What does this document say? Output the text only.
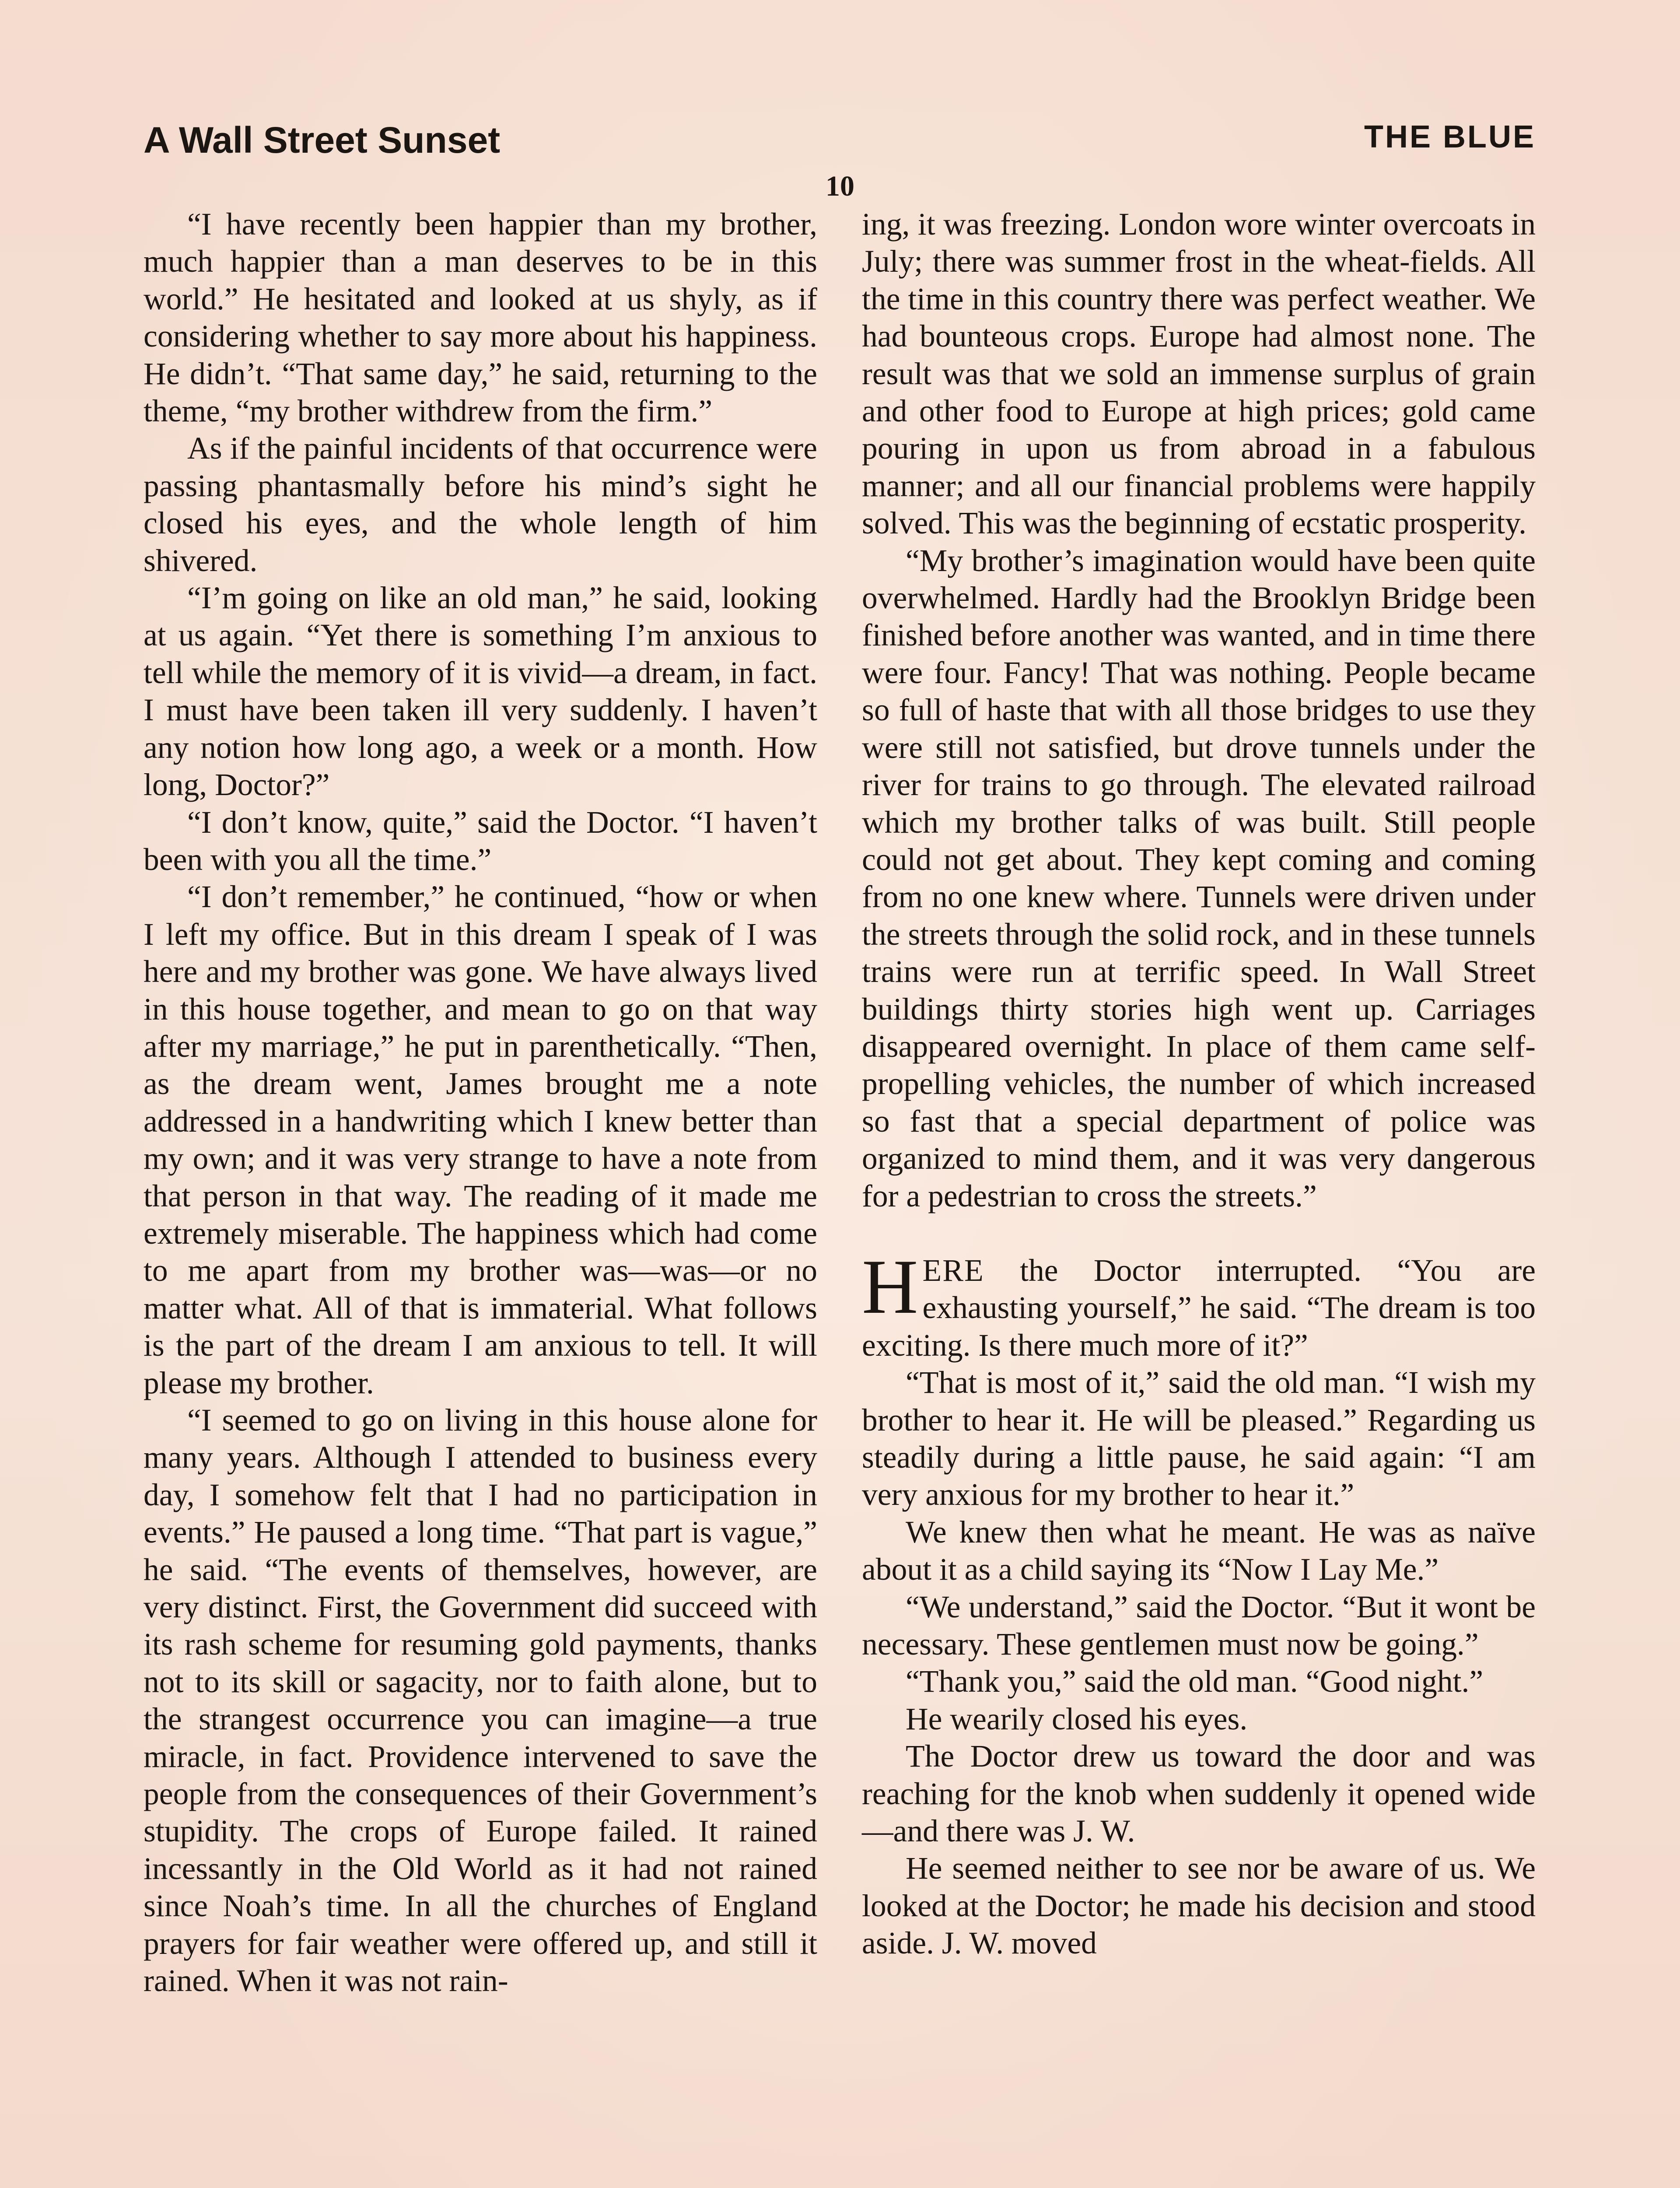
A Wall Street Sunset	THE BLUE
10

“I have recently been happier than my brother, much happier than a man deserves to be in this world.” He hesitated and looked at us shyly, as if considering whether to say more about his happiness. He didn’t. “That same day,” he said, returning to the theme, “my brother withdrew from the firm.”

As if the painful incidents of that occurrence were passing phantasmally before his mind’s sight he closed his eyes, and the whole length of him shivered.

“I’m going on like an old man,” he said, looking at us again. “Yet there is something I’m anxious to tell while the memory of it is vivid—a dream, in fact. I must have been taken ill very suddenly. I haven’t any notion how long ago, a week or a month. How long, Doctor?”

“I don’t know, quite,” said the Doctor. “I haven’t been with you all the time.”

“I don’t remember,” he continued, “how or when I left my office. But in this dream I speak of I was here and my brother was gone. We have always lived in this house together, and mean to go on that way after my marriage,” he put in parenthetically. “Then, as the dream went, James brought me a note addressed in a handwriting which I knew better than my own; and it was very strange to have a note from that person in that way. The reading of it made me extremely miserable. The happiness which had come to me apart from my brother was—was—or no matter what. All of that is immaterial. What follows is the part of the dream I am anxious to tell. It will please my brother.

“I seemed to go on living in this house alone for many years. Although I attended to business every day, I somehow felt that I had no participation in events.” He paused a long time. “That part is vague,” he said. “The events of themselves, however, are very distinct. First, the Government did succeed with its rash scheme for resuming gold payments, thanks not to its skill or sagacity, nor to faith alone, but to the strangest occurrence you can imagine—a true miracle, in fact. Providence intervened to save the people from the consequences of their Government’s stupidity. The crops of Europe failed. It rained incessantly in the Old World as it had not rained since Noah’s time. In all the churches of England prayers for fair weather were offered up, and still it rained. When it was not rain-

ing, it was freezing. London wore winter overcoats in July; there was summer frost in the wheat-fields. All the time in this country there was perfect weather. We had bounteous crops. Europe had almost none. The result was that we sold an immense surplus of grain and other food to Europe at high prices; gold came pouring in upon us from abroad in a fabulous manner; and all our financial problems were happily solved. This was the beginning of ecstatic prosperity.

“My brother’s imagination would have been quite overwhelmed. Hardly had the Brooklyn Bridge been finished before another was wanted, and in time there were four. Fancy! That was nothing. People became so full of haste that with all those bridges to use they were still not satisfied, but drove tunnels under the river for trains to go through. The elevated railroad which my brother talks of was built. Still people could not get about. They kept coming and coming from no one knew where. Tunnels were driven under the streets through the solid rock, and in these tunnels trains were run at terrific speed. In Wall Street buildings thirty stories high went up. Carriages disappeared overnight. In place of them came self-propelling vehicles, the number of which increased so fast that a special department of police was organized to mind them, and it was very dangerous for a pedestrian to cross the streets.”

HERE the Doctor interrupted. “You are exhausting yourself,” he said. “The dream is too exciting. Is there much more of it?”

“That is most of it,” said the old man. “I wish my brother to hear it. He will be pleased.” Regarding us steadily during a little pause, he said again: “I am very anxious for my brother to hear it.”

We knew then what he meant. He was as naïve about it as a child saying its “Now I Lay Me.”

“We understand,” said the Doctor. “But it wont be necessary. These gentlemen must now be going.”

“Thank you,” said the old man. “Good night.”

He wearily closed his eyes.

The Doctor drew us toward the door and was reaching for the knob when suddenly it opened wide—and there was J. W.

He seemed neither to see nor be aware of us. We looked at the Doctor; he made his decision and stood aside. J. W. moved
